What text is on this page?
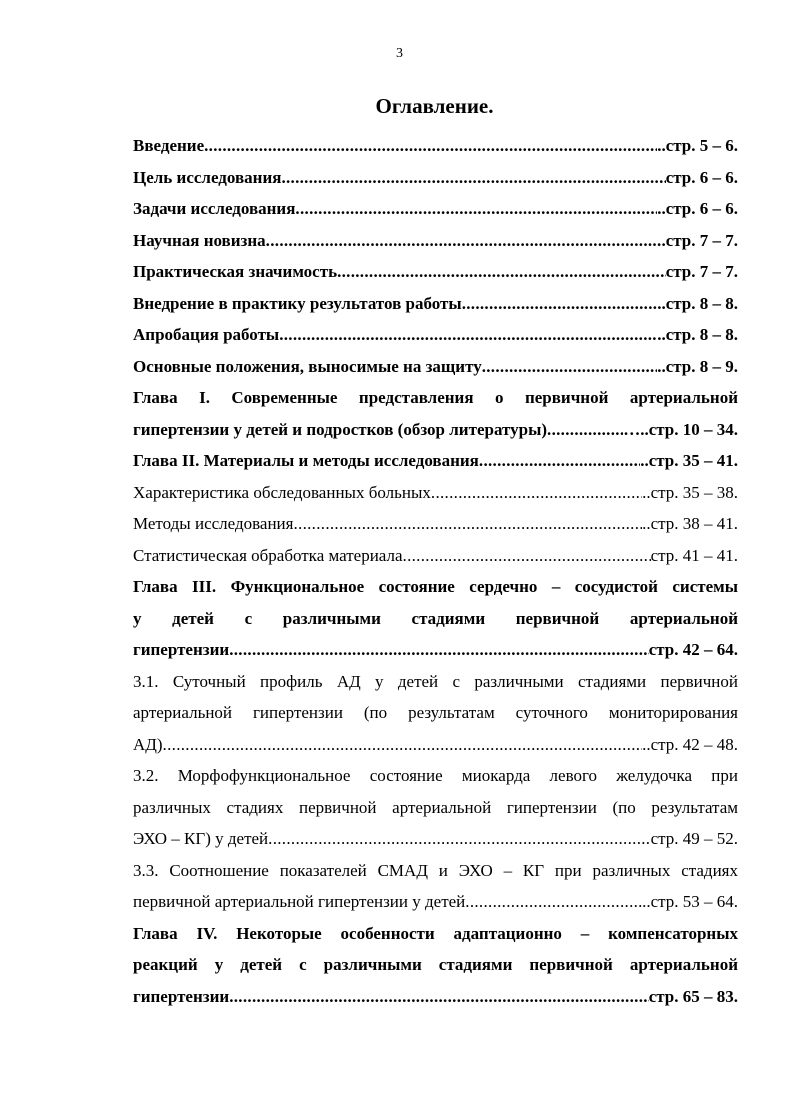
3
Оглавление.
Введение .....	..стр. 5 – 6.
Цель исследования .....	стр. 6 – 6.
Задачи исследования .....	..стр. 6 – 6.
Научная новизна .....	стр. 7 – 7.
Практическая значимость .....	стр. 7 – 7.
Внедрение в практику результатов работы .....	..стр. 8 – 8.
Апробация работы .....	..стр. 8 – 8.
Основные положения, выносимые на защиту .....	..стр. 8 – 9.
Глава I. Современные представления о первичной артериальной
гипертензии у детей и подростков (обзор литературы) .....	…..стр. 10 – 34.
Глава II. Материалы и методы исследования .....	..стр. 35 – 41.
Характеристика обследованных больных .....	..стр. 35 – 38.
Методы исследования .....	..стр. 38 – 41.
Статистическая обработка материала .....	стр. 41 – 41.
Глава III. Функциональное состояние сердечно – сосудистой системы
у детей с различными стадиями первичной артериальной
гипертензии .....	стр. 42 – 64.
3.1. Суточный профиль АД у детей с различными стадиями первичной
артериальной гипертензии (по результатам суточного мониторирования
АД) .....	..стр. 42 – 48.
3.2. Морфофункциональное состояние миокарда левого желудочка при
различных стадиях первичной артериальной гипертензии (по результатам
ЭХО – КГ) у детей .....	стр. 49 – 52.
3.3. Соотношение показателей СМАД и ЭХО – КГ при различных стадиях
первичной артериальной гипертензии у детей .....	..стр. 53 – 64.
Глава IV. Некоторые особенности адаптационно – компенсаторных
реакций у детей с различными стадиями первичной артериальной
гипертензии .....	стр. 65 – 83.
